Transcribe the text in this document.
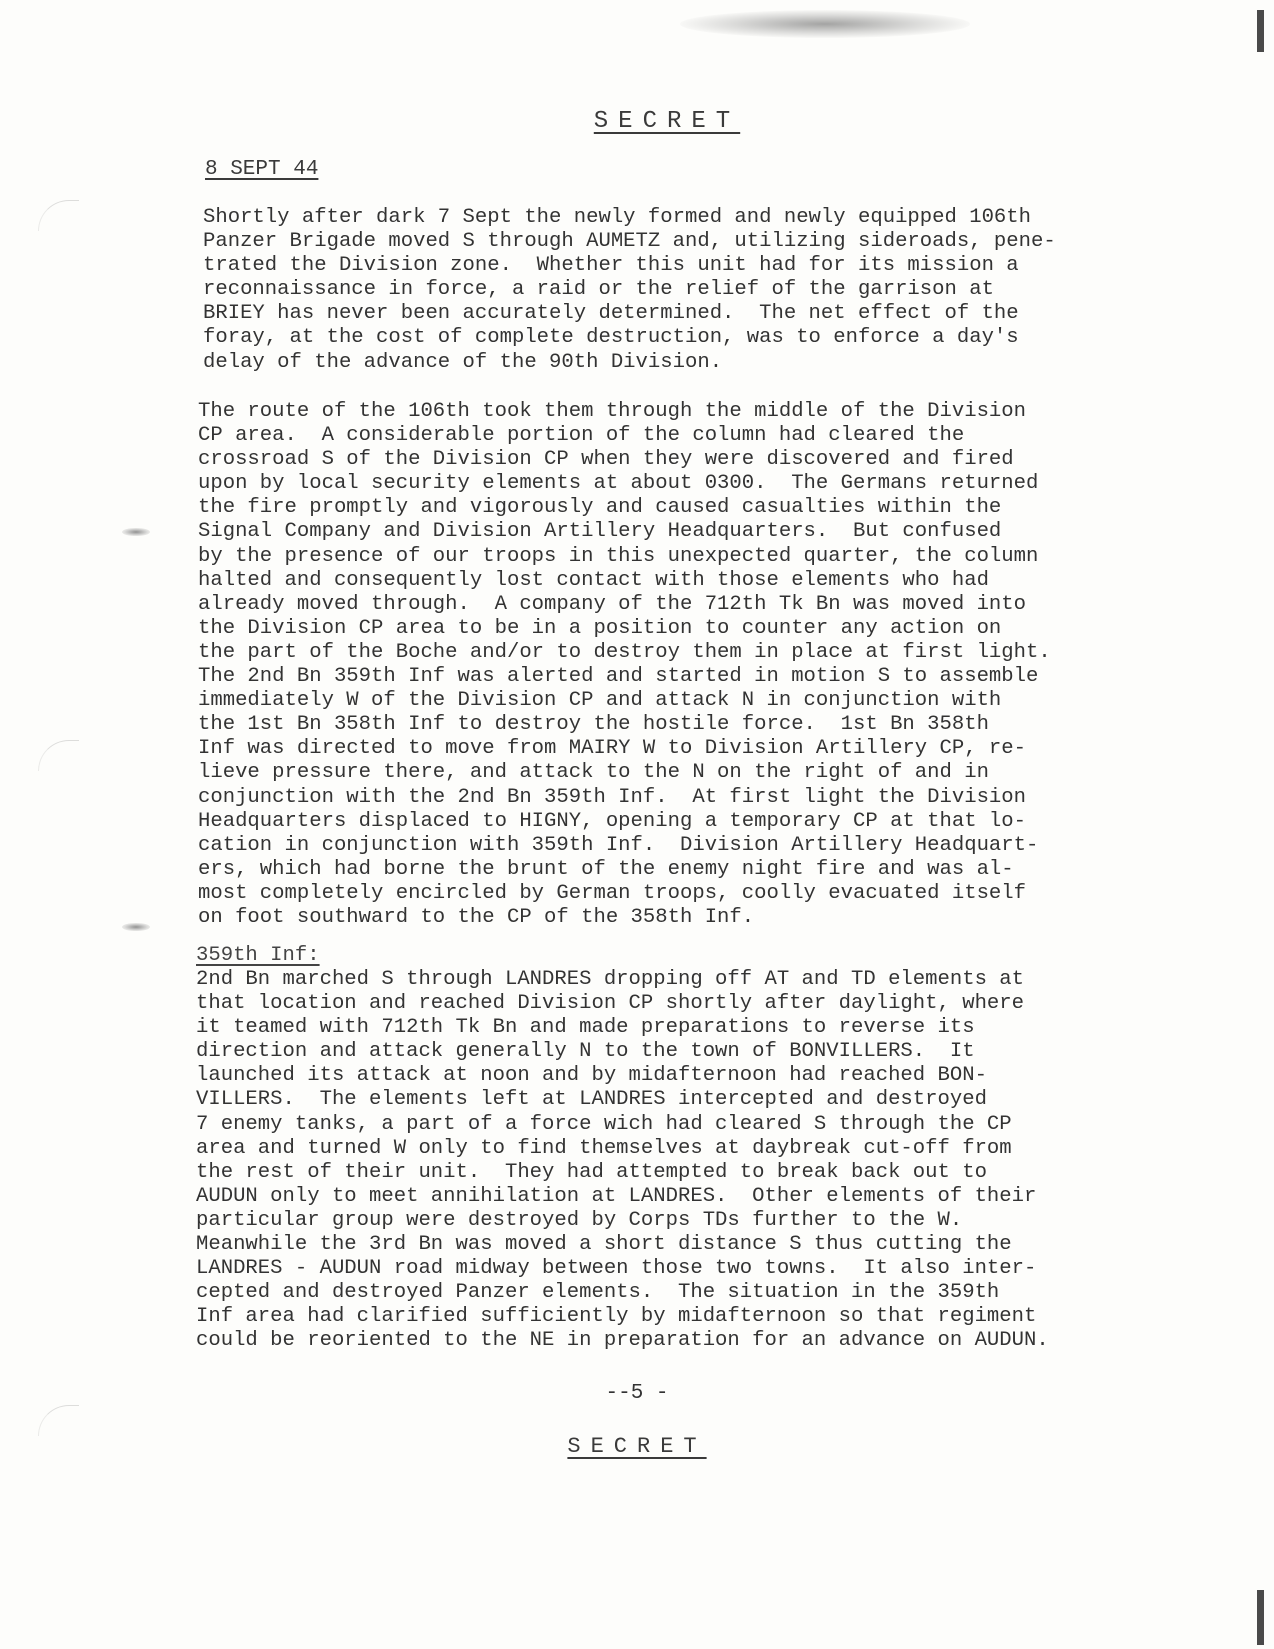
SECRET
8 SEPT 44
Shortly after dark 7 Sept the newly formed and newly equipped 106th
Panzer Brigade moved S through AUMETZ and, utilizing sideroads, pene-
trated the Division zone.  Whether this unit had for its mission a
reconnaissance in force, a raid or the relief of the garrison at
BRIEY has never been accurately determined.  The net effect of the
foray, at the cost of complete destruction, was to enforce a day's
delay of the advance of the 90th Division.
The route of the 106th took them through the middle of the Division
CP area.  A considerable portion of the column had cleared the
crossroad S of the Division CP when they were discovered and fired
upon by local security elements at about 0300.  The Germans returned
the fire promptly and vigorously and caused casualties within the
Signal Company and Division Artillery Headquarters.  But confused
by the presence of our troops in this unexpected quarter, the column
halted and consequently lost contact with those elements who had
already moved through.  A company of the 712th Tk Bn was moved into
the Division CP area to be in a position to counter any action on
the part of the Boche and/or to destroy them in place at first light.
The 2nd Bn 359th Inf was alerted and started in motion S to assemble
immediately W of the Division CP and attack N in conjunction with
the 1st Bn 358th Inf to destroy the hostile force.  1st Bn 358th
Inf was directed to move from MAIRY W to Division Artillery CP, re-
lieve pressure there, and attack to the N on the right of and in
conjunction with the 2nd Bn 359th Inf.  At first light the Division
Headquarters displaced to HIGNY, opening a temporary CP at that lo-
cation in conjunction with 359th Inf.  Division Artillery Headquart-
ers, which had borne the brunt of the enemy night fire and was al-
most completely encircled by German troops, coolly evacuated itself
on foot southward to the CP of the 358th Inf.
359th Inf:
2nd Bn marched S through LANDRES dropping off AT and TD elements at
that location and reached Division CP shortly after daylight, where
it teamed with 712th Tk Bn and made preparations to reverse its
direction and attack generally N to the town of BONVILLERS.  It
launched its attack at noon and by midafternoon had reached BON-
VILLERS.  The elements left at LANDRES intercepted and destroyed
7 enemy tanks, a part of a force wich had cleared S through the CP
area and turned W only to find themselves at daybreak cut-off from
the rest of their unit.  They had attempted to break back out to
AUDUN only to meet annihilation at LANDRES.  Other elements of their
particular group were destroyed by Corps TDs further to the W.
Meanwhile the 3rd Bn was moved a short distance S thus cutting the
LANDRES - AUDUN road midway between those two towns.  It also inter-
cepted and destroyed Panzer elements.  The situation in the 359th
Inf area had clarified sufficiently by midafternoon so that regiment
could be reoriented to the NE in preparation for an advance on AUDUN.
--5 -
SECRET
